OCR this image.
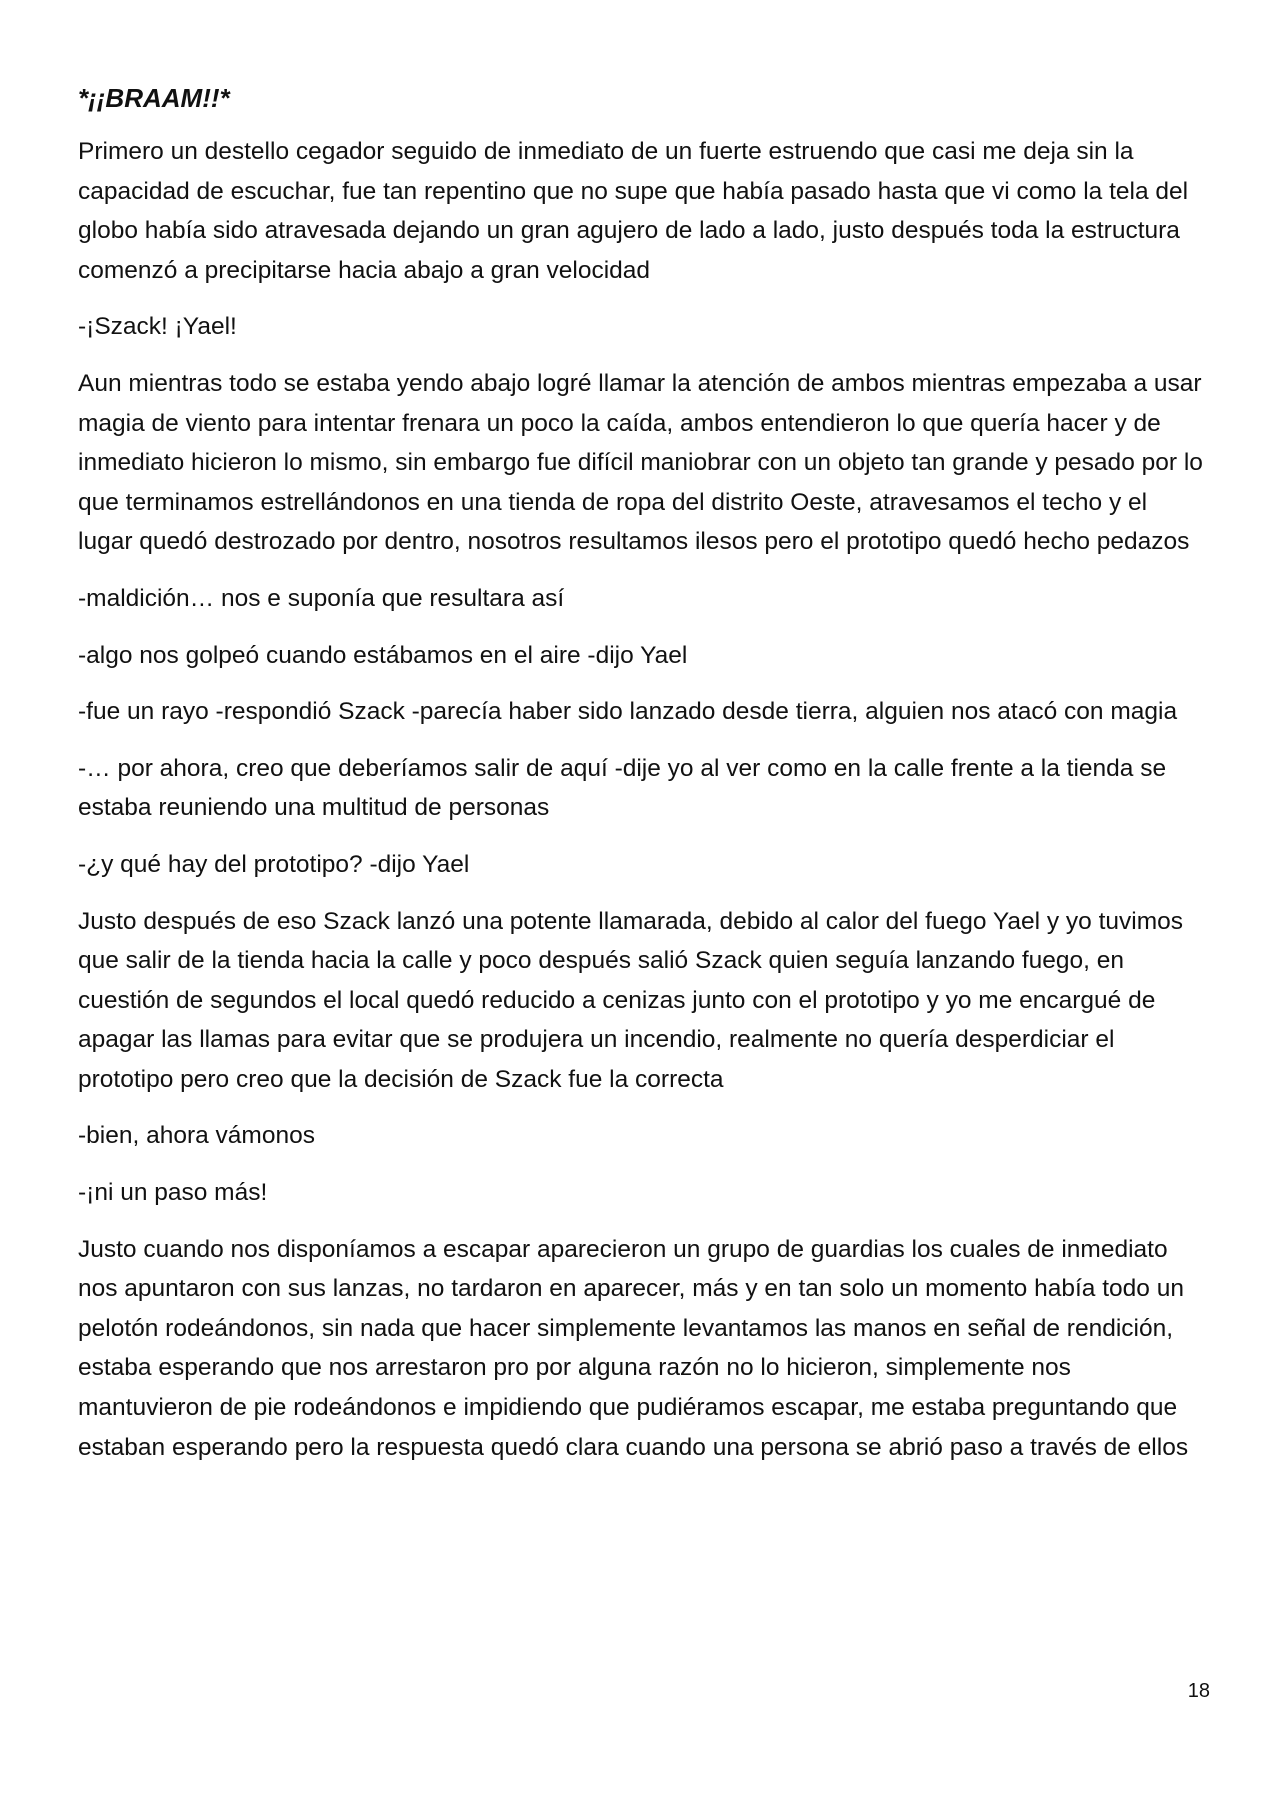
*¡¡BRAAM!!*

Primero un destello cegador seguido de inmediato de un fuerte estruendo que casi me deja sin la capacidad de escuchar, fue tan repentino que no supe que había pasado hasta que vi como la tela del globo había sido atravesada dejando un gran agujero de lado a lado, justo después toda la estructura comenzó a precipitarse hacia abajo a gran velocidad

-¡Szack! ¡Yael!

Aun mientras todo se estaba yendo abajo logré llamar la atención de ambos mientras empezaba a usar magia de viento para intentar frenara un poco la caída, ambos entendieron lo que quería hacer y de inmediato hicieron lo mismo, sin embargo fue difícil maniobrar con un objeto tan grande y pesado por lo que terminamos estrellándonos en una tienda de ropa del distrito Oeste, atravesamos el techo y el lugar quedó destrozado por dentro, nosotros resultamos ilesos pero el prototipo quedó hecho pedazos

-maldición… nos e suponía que resultara así

-algo nos golpeó cuando estábamos en el aire -dijo Yael

-fue un rayo -respondió Szack -parecía haber sido lanzado desde tierra, alguien nos atacó con magia

-… por ahora, creo que deberíamos salir de aquí -dije yo al ver como en la calle frente a la tienda se estaba reuniendo una multitud de personas

-¿y qué hay del prototipo? -dijo Yael

Justo después de eso Szack lanzó una potente llamarada, debido al calor del fuego Yael y yo tuvimos que salir de la tienda hacia la calle y poco después salió Szack quien seguía lanzando fuego, en cuestión de segundos el local quedó reducido a cenizas junto con el prototipo y yo me encargué de apagar las llamas para evitar que se produjera un incendio, realmente no quería desperdiciar el prototipo pero creo que la decisión de Szack fue la correcta

-bien, ahora vámonos

-¡ni un paso más!

Justo cuando nos disponíamos a escapar aparecieron un grupo de guardias los cuales de inmediato nos apuntaron con sus lanzas, no tardaron en aparecer, más y en tan solo un momento había todo un pelotón rodeándonos, sin nada que hacer simplemente levantamos las manos en señal de rendición, estaba esperando que nos arrestaron pro por alguna razón no lo hicieron, simplemente nos mantuvieron de pie rodeándonos e impidiendo que pudiéramos escapar, me estaba preguntando que estaban esperando pero la respuesta quedó clara cuando una persona se abrió paso a través de ellos

18
